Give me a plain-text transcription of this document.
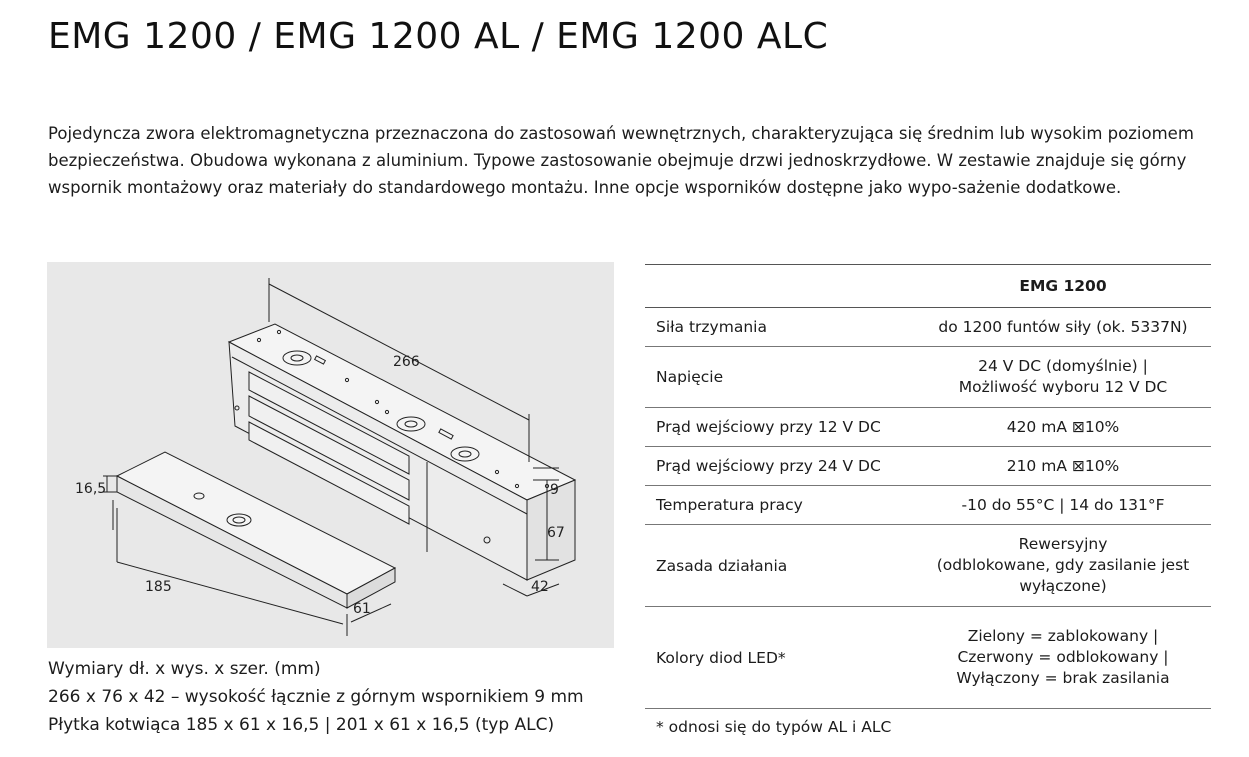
EMG 1200 / EMG 1200 AL / EMG 1200 ALC

Pojedyncza zwora elektromagnetyczna przeznaczona do zastosowań wewnętrznych, charakteryzująca się średnim lub wysokim poziomem bezpieczeństwa. Obudowa wykonana z aluminium. Typowe zastosowanie obejmuje drzwi jednoskrzydłowe. W zestawie znajduje się górny wspornik montażowy oraz materiały do standardowego montażu. Inne opcje wsporników dostępne jako wypo-sażenie dodatkowe.

266
9
67
42
16,5
185
61
Wymiary dł. x wys. x szer. (mm)
266 x 76 x 42 – wysokość łącznie z górnym wspornikiem 9 mm
Płytka kotwiąca 185 x 61 x 16,5 | 201 x 61 x 16,5 (typ ALC)
	EMG 1200
Siła trzymania	do 1200 funtów siły (ok. 5337N)

Napięcie	24 V DC (domyślnie) |
Możliwość wyboru 12 V DC

Prąd wejściowy przy 12 V DC	420 mA ⊠10%

Prąd wejściowy przy 24 V DC	210 mA ⊠10%

Temperatura pracy	-10 do 55°C | 14 do 131°F

Zasada działania	Rewersyjny
(odblokowane, gdy zasilanie jest
wyłączone)

Kolory diod LED*	Zielony = zablokowany |
Czerwony = odblokowany |
Wyłączony = brak zasilania

* odnosi się do typów AL i ALC
